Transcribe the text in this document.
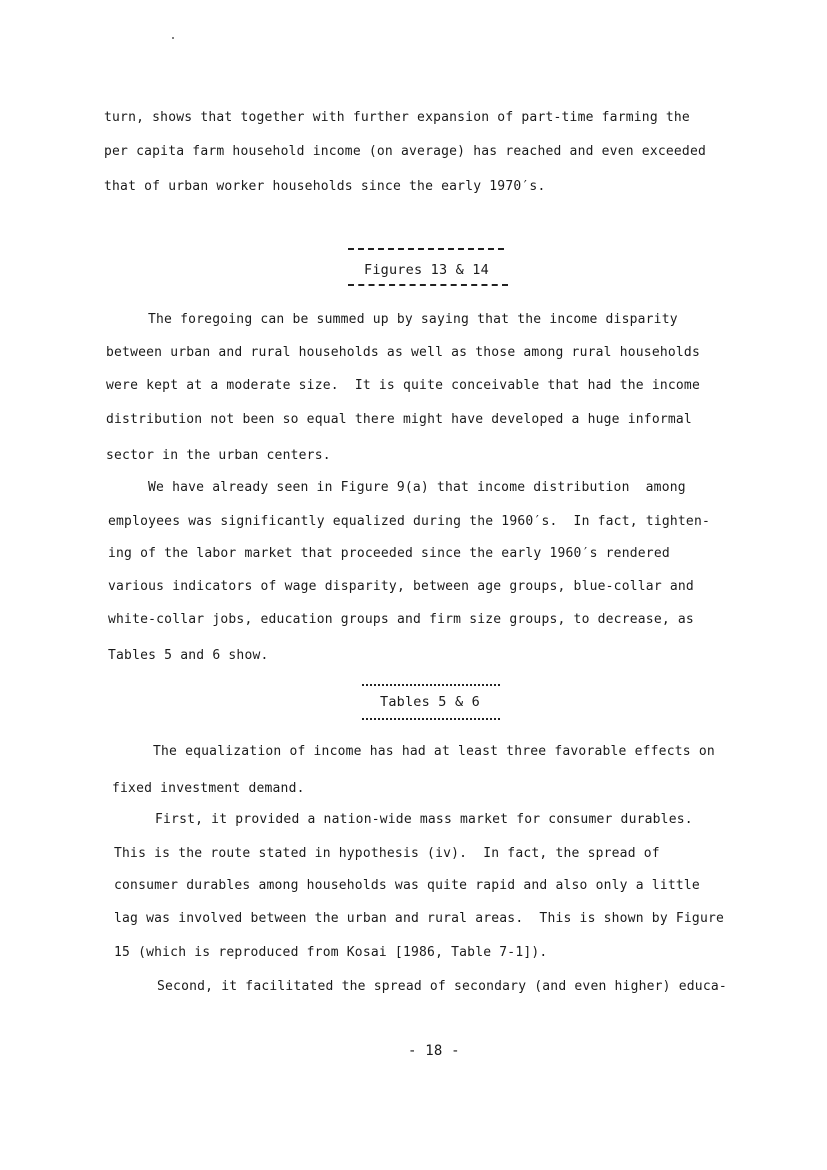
turn, shows that together with further expansion of part-time farming the
per capita farm household income (on average) has reached and even exceeded
that of urban worker households since the early 1970′s.
Figures 13 & 14
The foregoing can be summed up by saying that the income disparity
between urban and rural households as well as those among rural households
were kept at a moderate size.  It is quite conceivable that had the income
distribution not been so equal there might have developed a huge informal
sector in the urban centers.
We have already seen in Figure 9(a) that income distribution  among
employees was significantly equalized during the 1960′s.  In fact, tighten-
ing of the labor market that proceeded since the early 1960′s rendered
various indicators of wage disparity, between age groups, blue-collar and
white-collar jobs, education groups and firm size groups, to decrease, as
Tables 5 and 6 show.
Tables 5 & 6
The equalization of income has had at least three favorable effects on
fixed investment demand.
First, it provided a nation-wide mass market for consumer durables.
This is the route stated in hypothesis (iv).  In fact, the spread of
consumer durables among households was quite rapid and also only a little
lag was involved between the urban and rural areas.  This is shown by Figure
15 (which is reproduced from Kosai [1986, Table 7-1]).
Second, it facilitated the spread of secondary (and even higher) educa-
- 18 -
